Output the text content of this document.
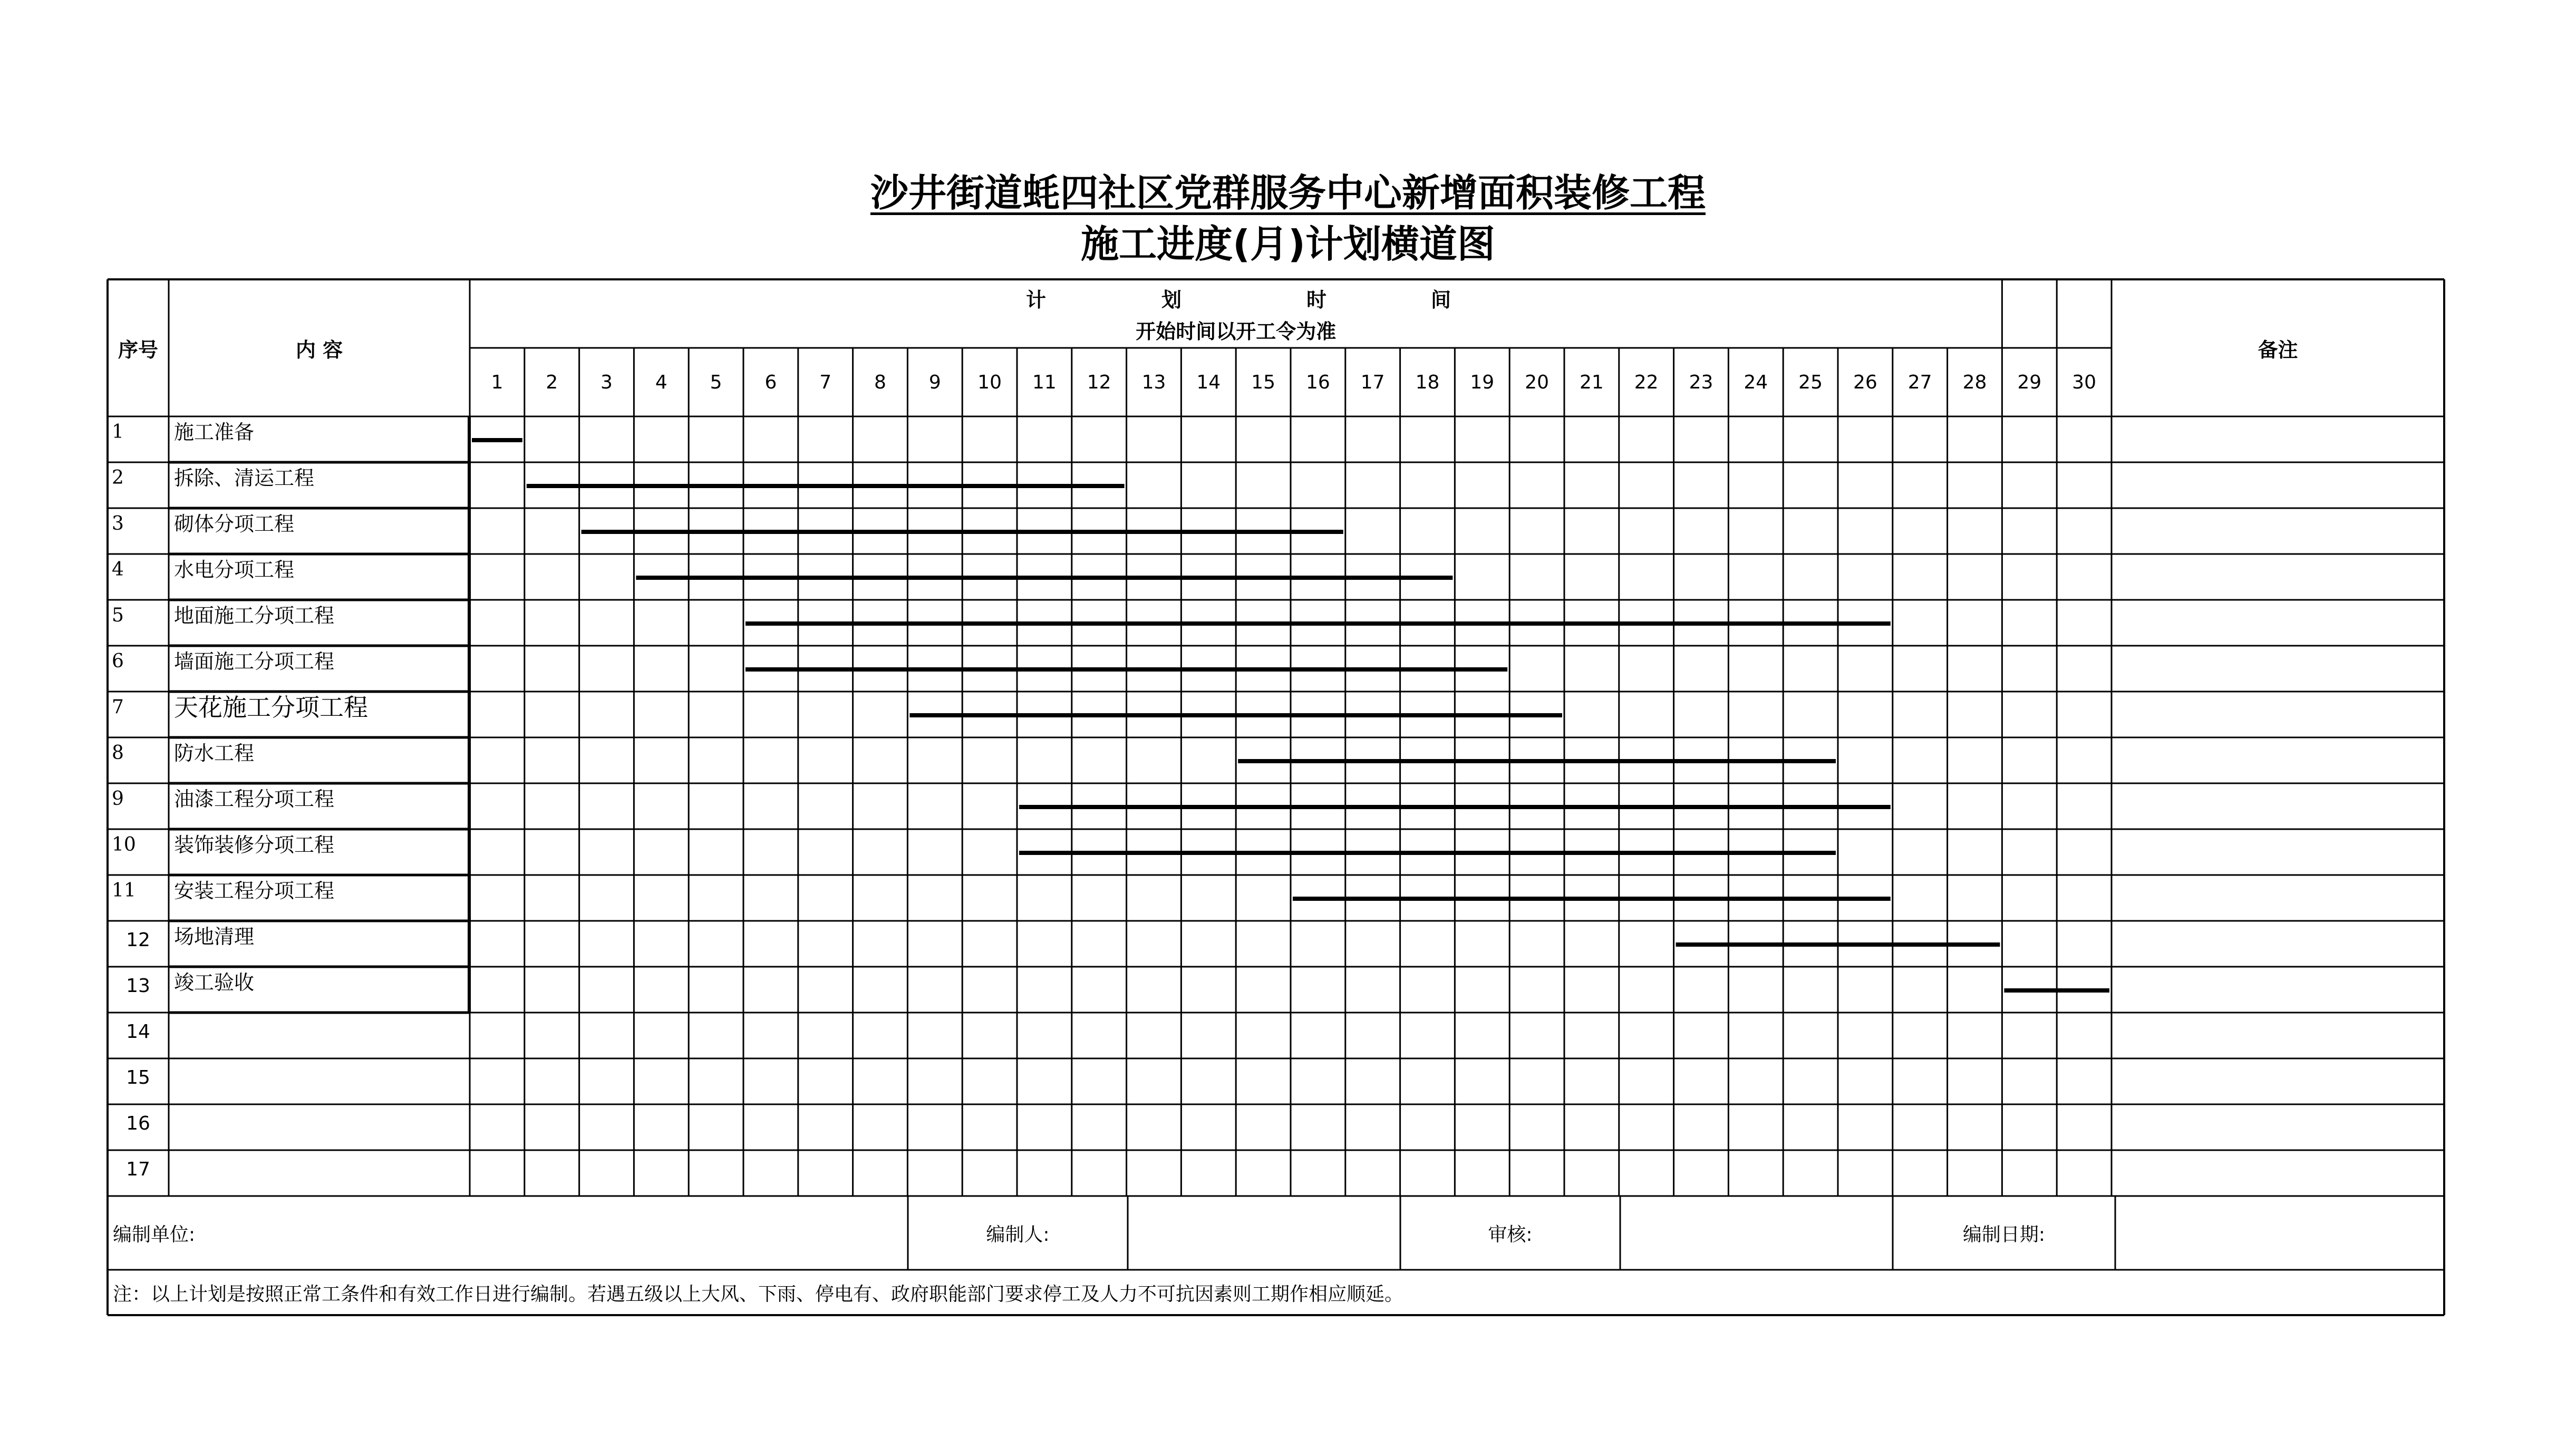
沙井街道蚝四社区党群服务中心新增面积装修工程
施工进度(月)计划横道图
序号	内 容	备注
计	划	时	间
开始时间以开工令为准
1	2	3	4	5	6	7	8	9	10	11	12	13	14	15	16	17	18	19	20	21	22	23	24	25	26	27	28	29	30
1	施工准备
2	拆除、清运工程
3	砌体分项工程
4	水电分项工程
5	地面施工分项工程
6	墙面施工分项工程
7	天花施工分项工程
8	防水工程
9	油漆工程分项工程
10	装饰装修分项工程
11	安装工程分项工程
12	场地清理
13	竣工验收
14
15
16
17
编制单位:	编制人:	审核:	编制日期:
注：以上计划是按照正常工条件和有效工作日进行编制。若遇五级以上大风、下雨、停电有、政府职能部门要求停工及人力不可抗因素则工期作相应顺延。
